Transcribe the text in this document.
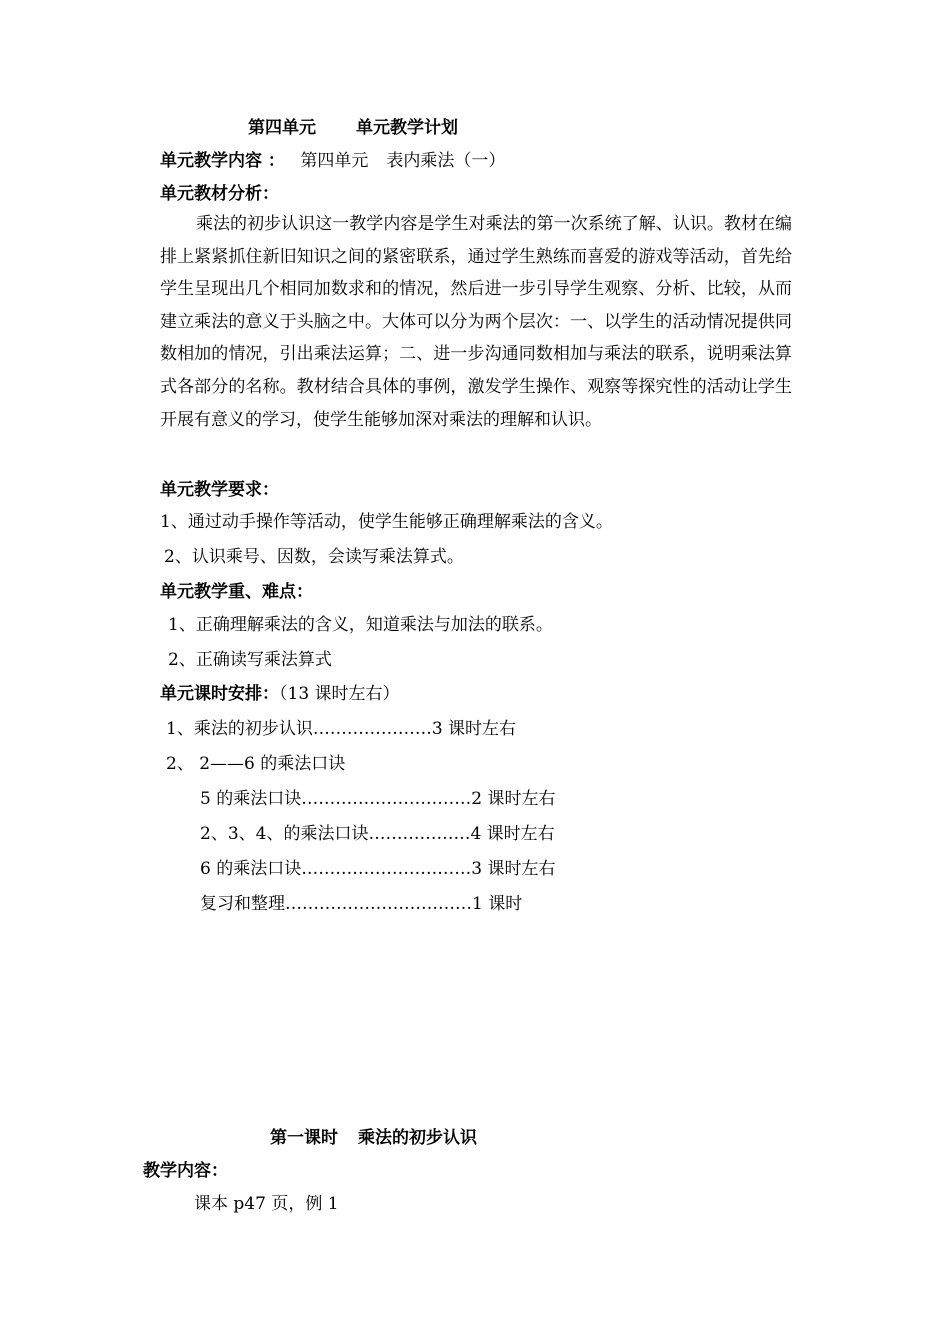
第四单元 单元教学计划
单元教学内容 ： 第四单元 表内乘法（一）
单元教材分析：
乘法的初步认识这一教学内容是学生对乘法的第一次系统了解、认识。教材在编排上紧紧抓住新旧知识之间的紧密联系，通过学生熟练而喜爱的游戏等活动，首先给学生呈现出几个相同加数求和的情况，然后进一步引导学生观察、分析、比较，从而建立乘法的意义于头脑之中。大体可以分为两个层次：一、以学生的活动情况提供同数相加的情况，引出乘法运算；二、进一步沟通同数相加与乘法的联系，说明乘法算式各部分的名称。教材结合具体的事例，激发学生操作、观察等探究性的活动让学生开展有意义的学习，使学生能够加深对乘法的理解和认识。
单元教学要求：
1、通过动手操作等活动，使学生能够正确理解乘法的含义。
2、认识乘号、因数，会读写乘法算式。
单元教学重、难点：
1、正确理解乘法的含义，知道乘法与加法的联系。
2、正确读写乘法算式
单元课时安排：（13 课时左右）
1、乘法的初步认识…………………3 课时左右
2、 2——6 的乘法口诀
5 的乘法口诀…………………………2 课时左右
2、3、4、的乘法口诀………………4 课时左右
6 的乘法口诀…………………………3 课时左右
复习和整理……………………………1 课时
第一课时 乘法的初步认识
教学内容：
课本 p47 页，例 1
